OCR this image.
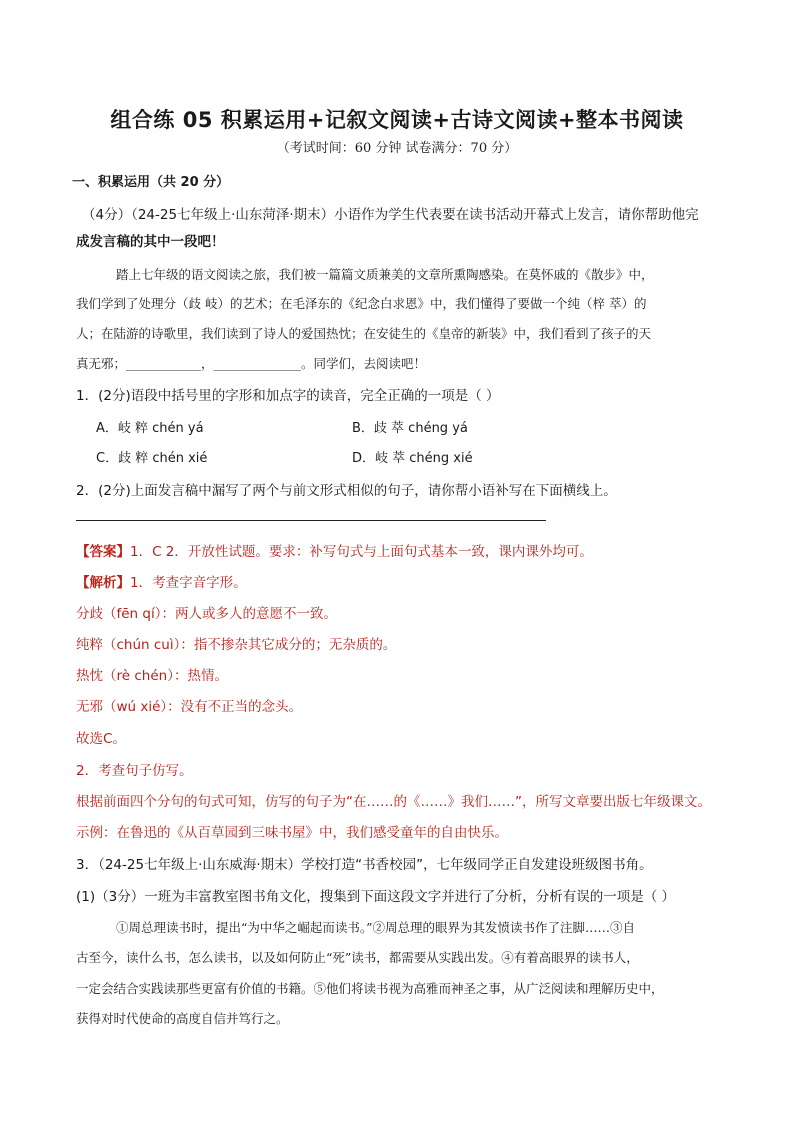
组合练 05 积累运用+记叙文阅读+古诗文阅读+整本书阅读
（考试时间：60 分钟 试卷满分：70 分）
一、积累运用（共 20 分）
（4分）（24-25七年级上·山东菏泽·期末）小语作为学生代表要在读书活动开幕式上发言，请你帮助他完
成发言稿的其中一段吧！
踏上七年级的语文阅读之旅，我们被一篇篇文质兼美的文章所熏陶感染。在莫怀戚的《散步》中，
我们学到了处理分（歧 岐）的艺术；在毛泽东的《纪念白求恩》中，我们懂得了要做一个纯（梓 萃）的
人；在陆游的诗歌里，我们读到了诗人的爱国热忱；在安徒生的《皇帝的新装》中，我们看到了孩子的天
真无邪；____________，______________。同学们，去阅读吧！
1．(2分)语段中括号里的字形和加点字的读音，完全正确的一项是（ ）
A．岐 粹 chén yá	B．歧 萃 chéng yá
C．歧 粹 chén xié	D．岐 萃 chéng xié
2．(2分)上面发言稿中漏写了两个与前文形式相似的句子，请你帮小语补写在下面横线上。
【答案】1．C 2．开放性试题。要求：补写句式与上面句式基本一致，课内课外均可。
【解析】1．考查字音字形。
分歧（fēn qí）：两人或多人的意愿不一致。
纯粹（chún cuì）：指不掺杂其它成分的；无杂质的。
热忱（rè chén）：热情。
无邪（wú xié）：没有不正当的念头。
故选C。
2．考查句子仿写。
根据前面四个分句的句式可知，仿写的句子为“在……的《……》我们……”，所写文章要出版七年级课文。
示例：在鲁迅的《从百草园到三味书屋》中，我们感受童年的自由快乐。
3．（24-25七年级上·山东威海·期末）学校打造“书香校园”，七年级同学正自发建设班级图书角。
(1)（3分）一班为丰富教室图书角文化，搜集到下面这段文字并进行了分析，分析有误的一项是（ ）
①周总理读书时，提出“为中华之崛起而读书。”②周总理的眼界为其发愤读书作了注脚……③自
古至今，读什么书，怎么读书，以及如何防止“死”读书，都需要从实践出发。④有着高眼界的读书人，
一定会结合实践读那些更富有价值的书籍。⑤他们将读书视为高雅而神圣之事，从广泛阅读和理解历史中，
获得对时代使命的高度自信并笃行之。
